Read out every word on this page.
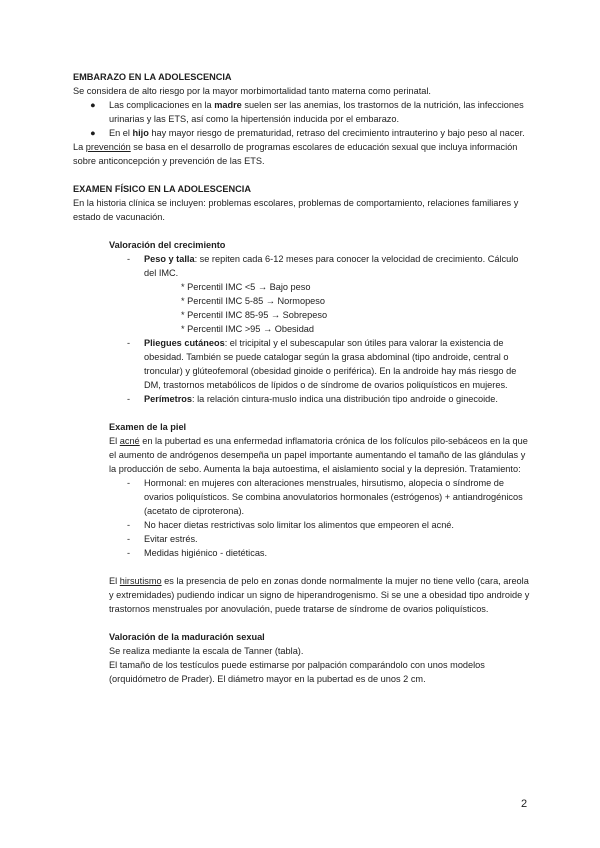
EMBARAZO EN LA ADOLESCENCIA

Se considera de alto riesgo por la mayor morbimortalidad tanto materna como perinatal.

● Las complicaciones en la madre suelen ser las anemias, los trastornos de la nutrición, las infecciones urinarias y las ETS, así como la hipertensión inducida por el embarazo.
● En el hijo hay mayor riesgo de prematuridad, retraso del crecimiento intrauterino y bajo peso al nacer.

La prevención se basa en el desarrollo de programas escolares de educación sexual que incluya información sobre anticoncepción y prevención de las ETS.

EXAMEN FÍSICO EN LA ADOLESCENCIA

En la historia clínica se incluyen: problemas escolares, problemas de comportamiento, relaciones familiares y estado de vacunación.

Valoración del crecimiento

- Peso y talla: se repiten cada 6-12 meses para conocer la velocidad de crecimiento. Cálculo del IMC.

* Percentil IMC <5 → Bajo peso

* Percentil IMC 5-85 → Normopeso

* Percentil IMC 85-95 → Sobrepeso

* Percentil IMC >95 → Obesidad

- Pliegues cutáneos: el tricipital y el subescapular son útiles para valorar la existencia de obesidad. También se puede catalogar según la grasa abdominal (tipo androide, central o troncular) y glúteofemoral (obesidad ginoide o periférica). En la androide hay más riesgo de DM, trastornos metabólicos de lípidos o de síndrome de ovarios poliquísticos en mujeres.
- Perímetros: la relación cintura-muslo indica una distribución tipo androide o ginecoide.

Examen de la piel

El acné en la pubertad es una enfermedad inflamatoria crónica de los folículos pilo-sebáceos en la que el aumento de andrógenos desempeña un papel importante aumentando el tamaño de las glándulas y la producción de sebo. Aumenta la baja autoestima, el aislamiento social y la depresión. Tratamiento:

- Hormonal: en mujeres con alteraciones menstruales, hirsutismo, alopecia o síndrome de ovarios poliquísticos. Se combina anovulatorios hormonales (estrógenos) + antiandrogénicos (acetato de ciproterona).
- No hacer dietas restrictivas solo limitar los alimentos que empeoren el acné.
- Evitar estrés.
- Medidas higiénico - dietéticas.

El hirsutismo es la presencia de pelo en zonas donde normalmente la mujer no tiene vello (cara, areola y extremidades) pudiendo indicar un signo de hiperandrogenismo. Si se une a obesidad tipo androide y trastornos menstruales por anovulación, puede tratarse de síndrome de ovarios poliquísticos.

Valoración de la maduración sexual

Se realiza mediante la escala de Tanner (tabla).

El tamaño de los testículos puede estimarse por palpación comparándolo con unos modelos (orquidómetro de Prader). El diámetro mayor en la pubertad es de unos 2 cm.

2
